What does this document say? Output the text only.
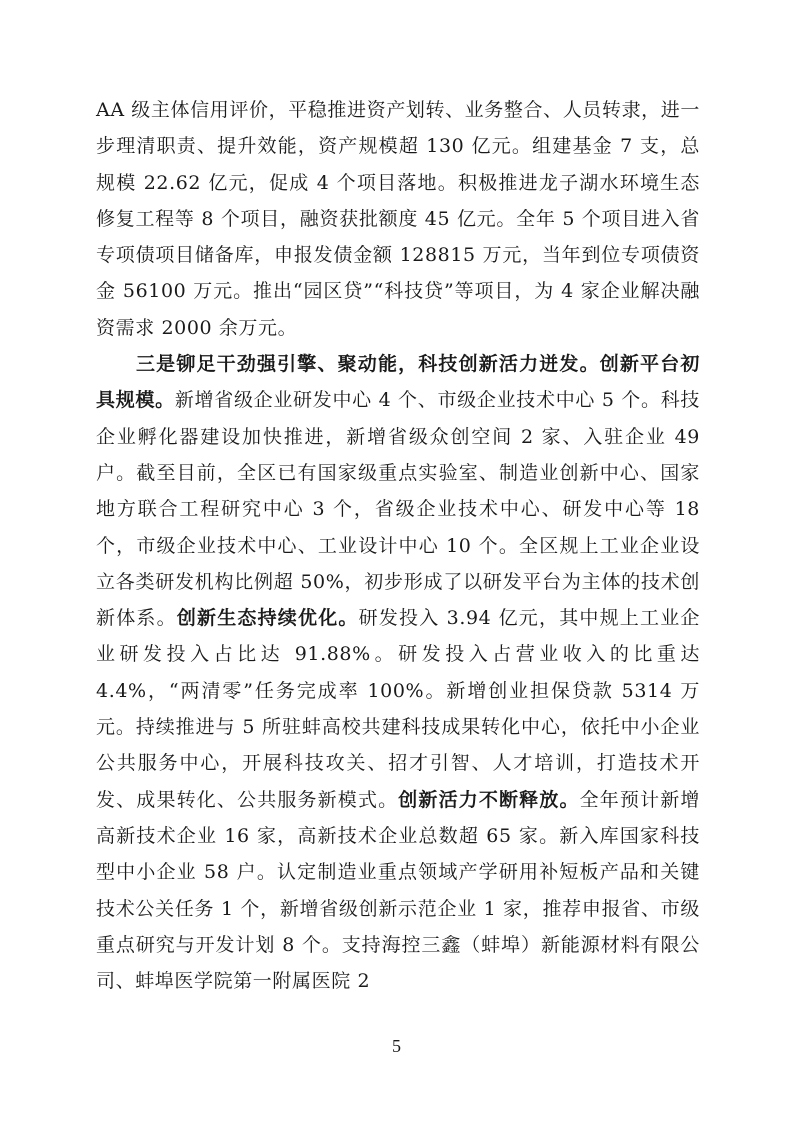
AA 级主体信用评价，平稳推进资产划转、业务整合、人员转隶，进一步理清职责、提升效能，资产规模超 130 亿元。组建基金 7 支，总规模 22.62 亿元，促成 4 个项目落地。积极推进龙子湖水环境生态修复工程等 8 个项目，融资获批额度 45 亿元。全年 5 个项目进入省专项债项目储备库，申报发债金额 128815 万元，当年到位专项债资金 56100 万元。推出“园区贷”“科技贷”等项目，为 4 家企业解决融资需求 2000 余万元。

三是铆足干劲强引擎、聚动能，科技创新活力迸发。创新平台初具规模。新增省级企业研发中心 4 个、市级企业技术中心 5 个。科技企业孵化器建设加快推进，新增省级众创空间 2 家、入驻企业 49 户。截至目前，全区已有国家级重点实验室、制造业创新中心、国家地方联合工程研究中心 3 个，省级企业技术中心、研发中心等 18 个，市级企业技术中心、工业设计中心 10 个。全区规上工业企业设立各类研发机构比例超 50%，初步形成了以研发平台为主体的技术创新体系。创新生态持续优化。研发投入 3.94 亿元，其中规上工业企业研发投入占比达 91.88%。研发投入占营业收入的比重达 4.4%，“两清零”任务完成率 100%。新增创业担保贷款 5314 万元。持续推进与 5 所驻蚌高校共建科技成果转化中心，依托中小企业公共服务中心，开展科技攻关、招才引智、人才培训，打造技术开发、成果转化、公共服务新模式。创新活力不断释放。全年预计新增高新技术企业 16 家，高新技术企业总数超 65 家。新入库国家科技型中小企业 58 户。认定制造业重点领域产学研用补短板产品和关键技术公关任务 1 个，新增省级创新示范企业 1 家，推荐申报省、市级重点研究与开发计划 8 个。支持海控三鑫（蚌埠）新能源材料有限公司、蚌埠医学院第一附属医院 2

5
